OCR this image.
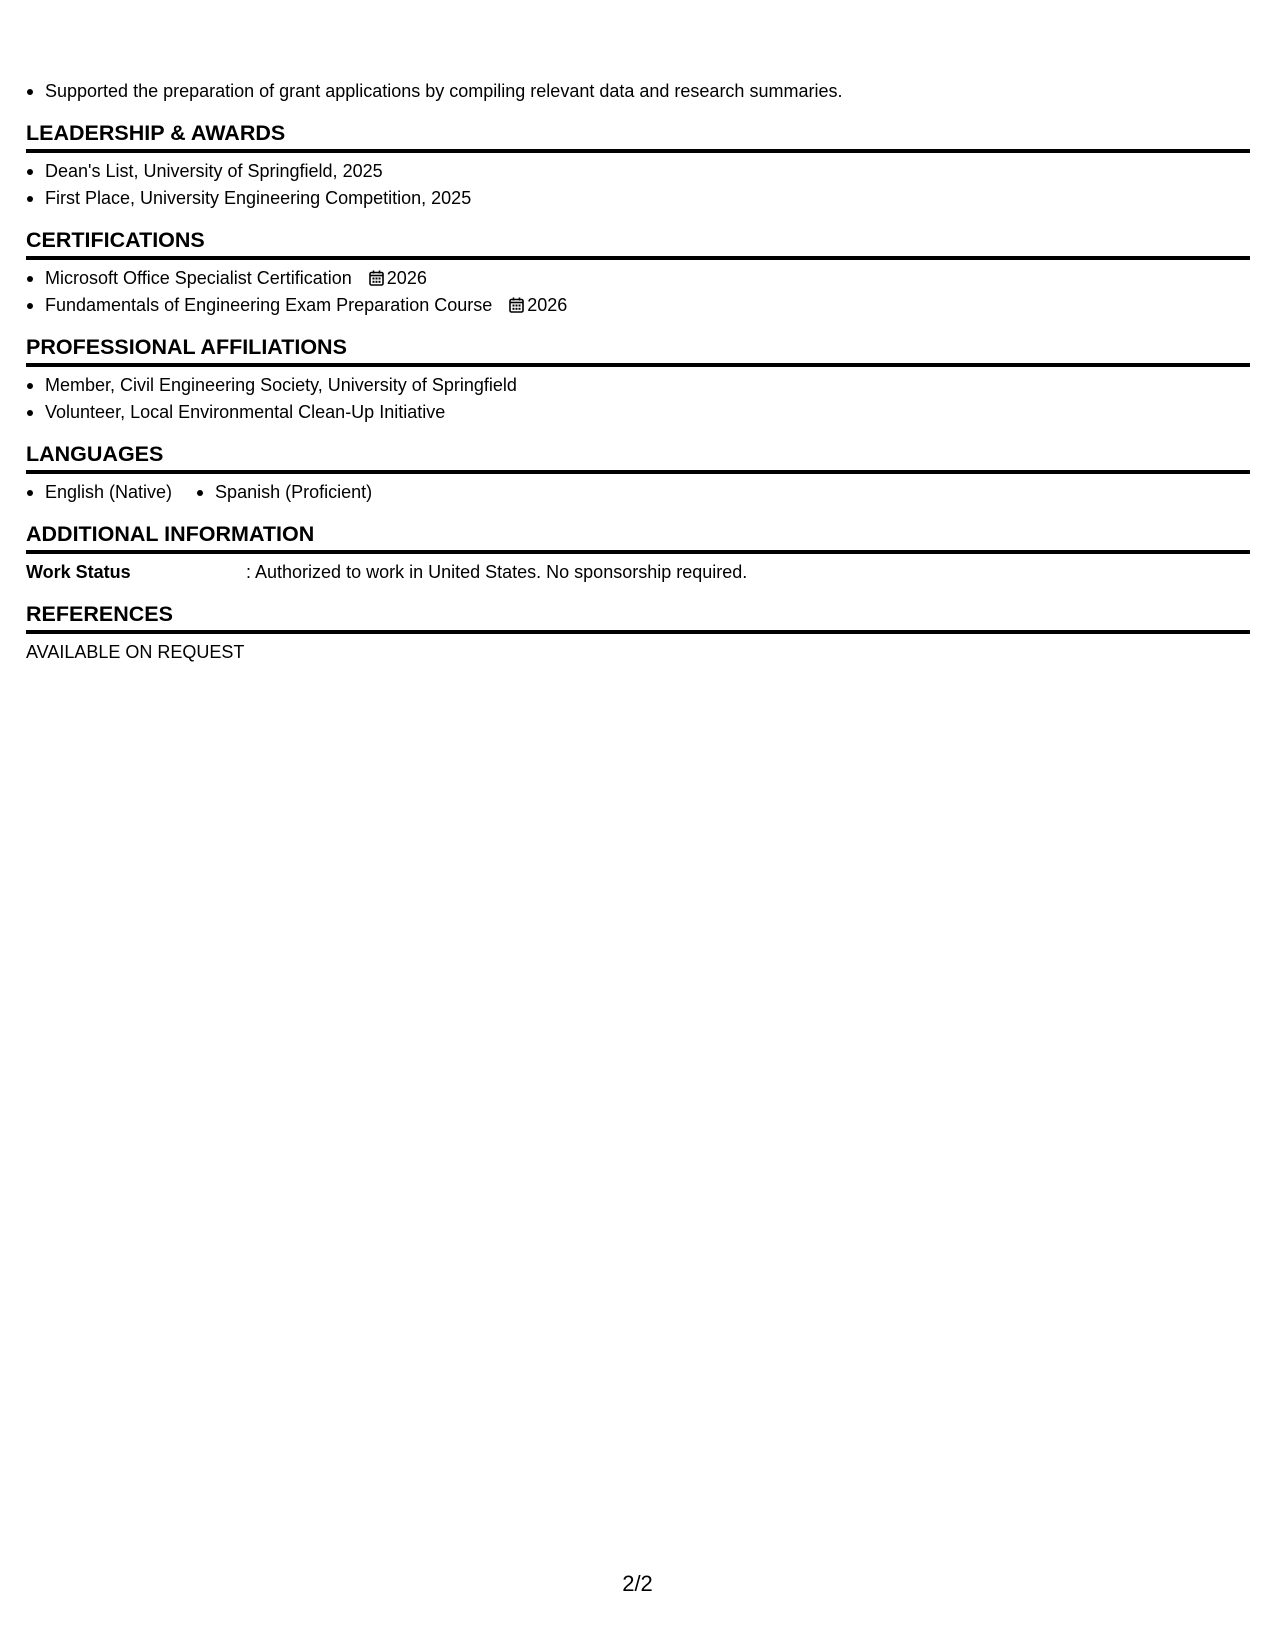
Supported the preparation of grant applications by compiling relevant data and research summaries.
LEADERSHIP & AWARDS
Dean's List, University of Springfield, 2025
First Place, University Engineering Competition, 2025
CERTIFICATIONS
Microsoft Office Specialist Certification 2026
Fundamentals of Engineering Exam Preparation Course 2026
PROFESSIONAL AFFILIATIONS
Member, Civil Engineering Society, University of Springfield
Volunteer, Local Environmental Clean-Up Initiative
LANGUAGES
English (Native)	Spanish (Proficient)
ADDITIONAL INFORMATION
Work Status	: Authorized to work in United States. No sponsorship required.
REFERENCES
AVAILABLE ON REQUEST
2/2
